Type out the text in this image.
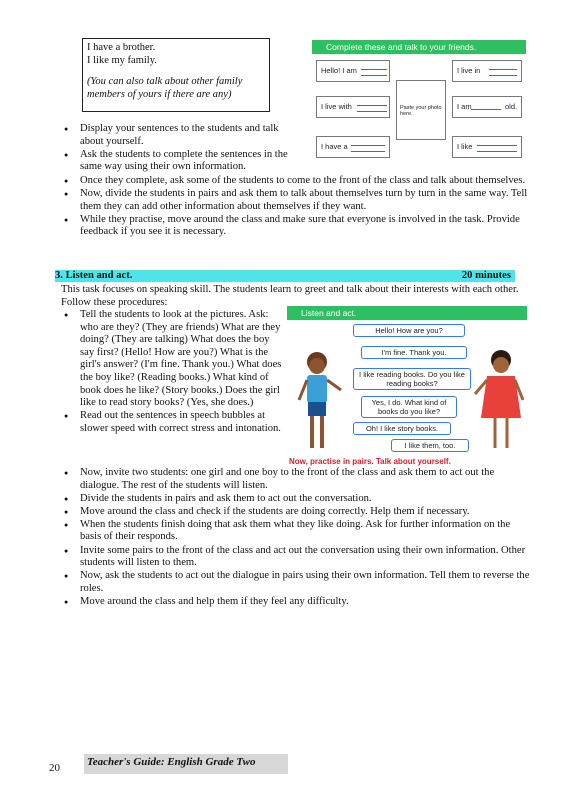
I have a brother.
I like my family.
(You can also talk about other family members of yours if there are any)
Complete these and talk to your friends.
Hello! I am	I live in
I live with	Paste your photo here.
I am	old.
I have a	I like
● Display your sentences to the students and talk about yourself.
● Ask the students to complete the sentences in the same way using their own information.
● Once they complete, ask some of the students to come to the front of the class and talk about themselves.
● Now, divide the students in pairs and ask them to talk about themselves turn by turn in the same way. Tell them they can add other information about themselves if they want.
● While they practise, move around the class and make sure that everyone is involved in the task. Provide feedback if you see it is necessary.
3. Listen and act.	20 minutes
This task focuses on speaking skill. The students learn to greet and talk about their interests with each other. Follow these procedures:
Listen and act.
Hello! How are you?
I'm fine. Thank you.
I like reading books. Do you like reading books?
Yes, I do. What kind of books do you like?
Oh! I like story books.
I like them, too.
Now, practise in pairs. Talk about yourself.
● Tell the students to look at the pictures. Ask: who are they? (They are friends) What are they doing? (They are talking) What does the boy say first? (Hello! How are you?) What is the girl's answer? (I'm fine. Thank you.) What does the boy like? (Reading books.) What kind of book does he like? (Story books.) Does the girl like to read story books? (Yes, she does.)
● Read out the sentences in speech bubbles at slower speed with correct stress and intonation.
● Now, invite two students: one girl and one boy to the front of the class and ask them to act out the dialogue. The rest of the students will listen.
● Divide the students in pairs and ask them to act out the conversation.
● Move around the class and check if the students are doing correctly. Help them if necessary.
● When the students finish doing that ask them what they like doing. Ask for further information on the basis of their responds.
● Invite some pairs to the front of the class and act out the conversation using their own information. Other students will listen to them.
● Now, ask the students to act out the dialogue in pairs using their own information. Tell them to reverse the roles.
● Move around the class and help them if they feel any difficulty.
20 Teacher's Guide: English Grade Two
